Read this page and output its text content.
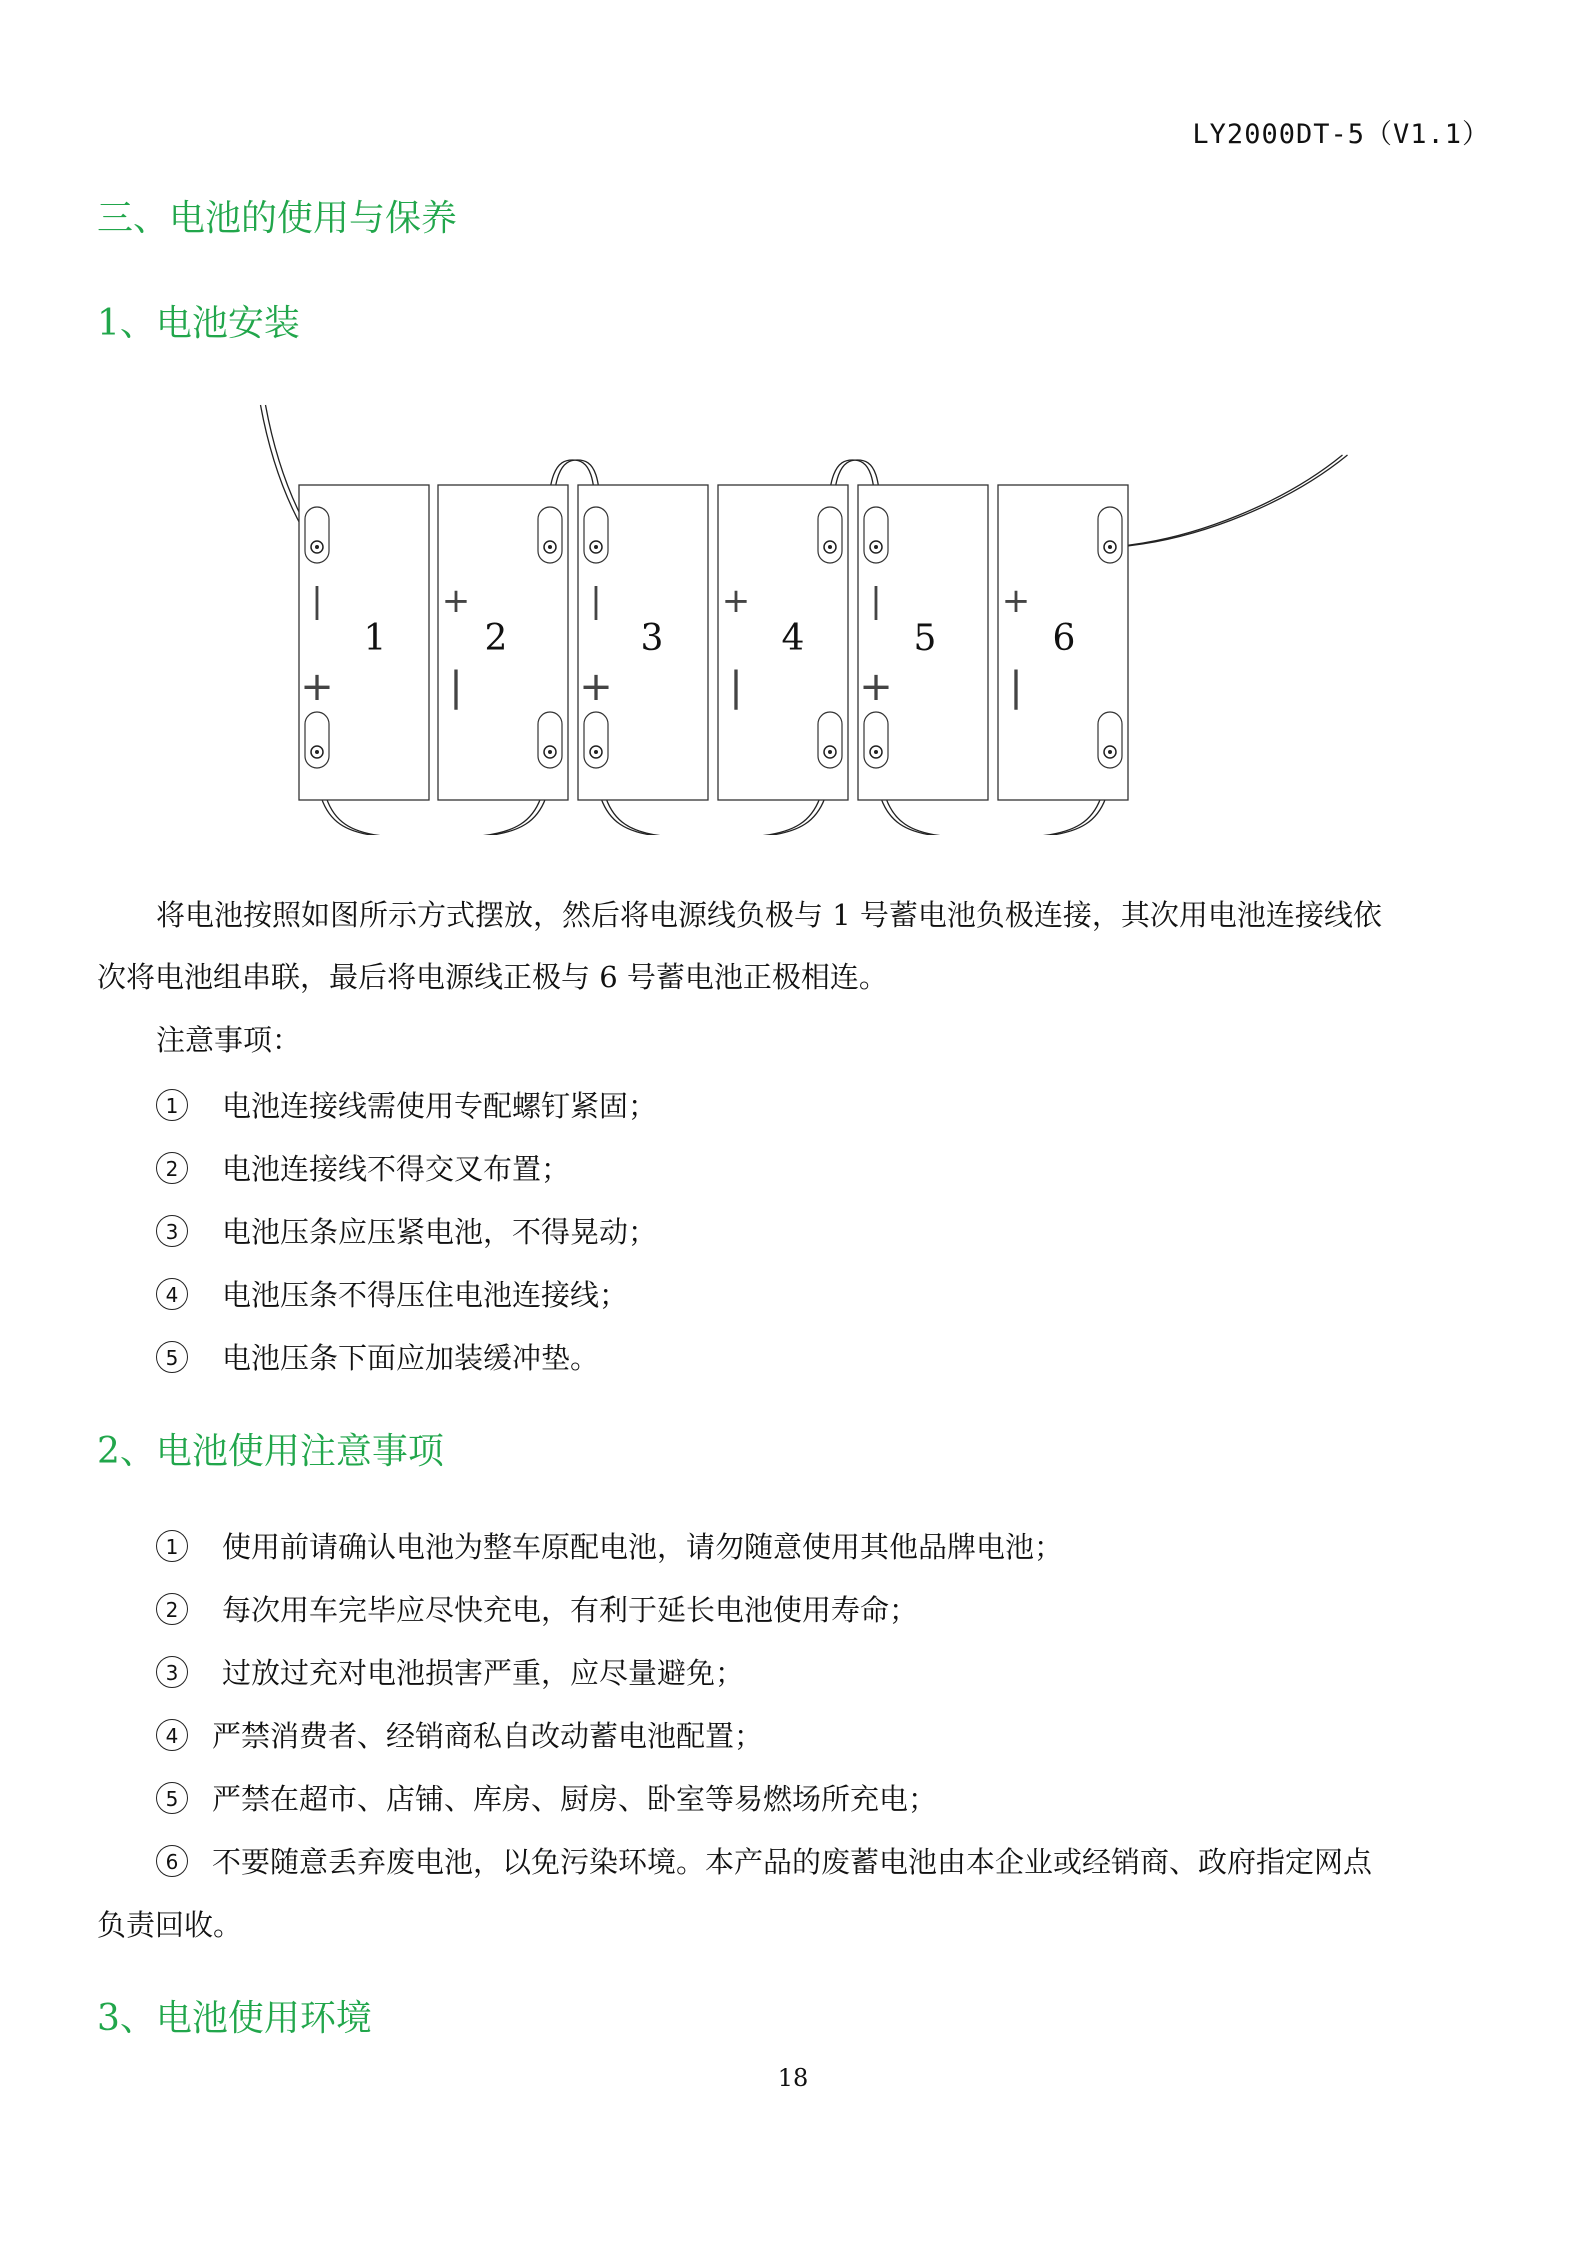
LY2000DT-5（V1.1）
三、电池的使用与保养
1、电池安装
|
+
1
+
|
2
|
+
3
+
|
4
|
+
5
+
|
6
将电池按照如图所示方式摆放，然后将电源线负极与 1 号蓄电池负极连接，其次用电池连接线依
次将电池组串联，最后将电源线正极与 6 号蓄电池正极相连。
注意事项：
1	电池连接线需使用专配螺钉紧固；
2	电池连接线不得交叉布置；
3	电池压条应压紧电池，不得晃动；
4	电池压条不得压住电池连接线；
5	电池压条下面应加装缓冲垫。
2、电池使用注意事项
1	使用前请确认电池为整车原配电池，请勿随意使用其他品牌电池；
2	每次用车完毕应尽快充电，有利于延长电池使用寿命；
3	过放过充对电池损害严重，应尽量避免；
4	严禁消费者、经销商私自改动蓄电池配置；
5	严禁在超市、店铺、库房、厨房、卧室等易燃场所充电；
6	不要随意丢弃废电池，以免污染环境。本产品的废蓄电池由本企业或经销商、政府指定网点
负责回收。
3、电池使用环境
18
